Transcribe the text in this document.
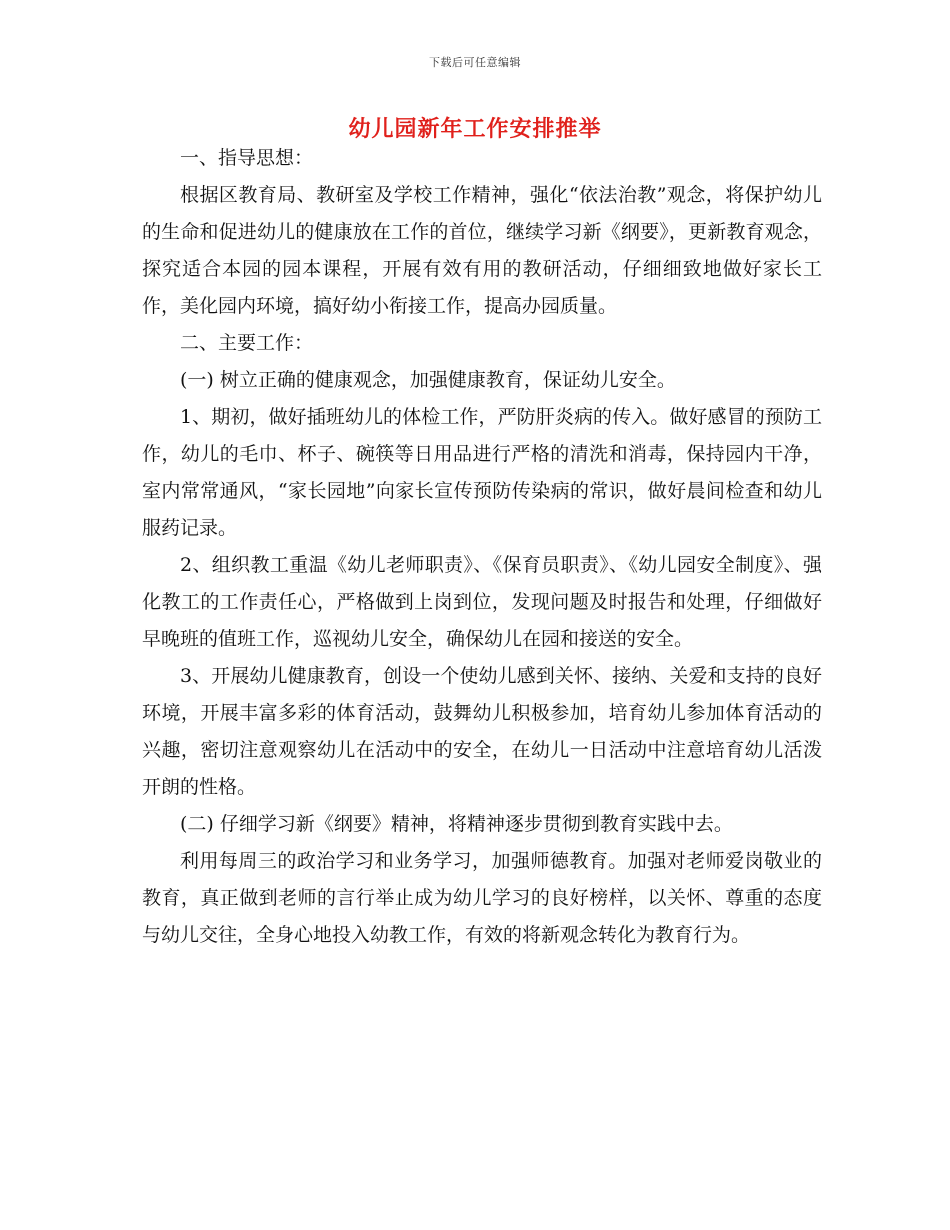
下载后可任意编辑
幼儿园新年工作安排推举

一、指导思想：

根据区教育局、教研室及学校工作精神，强化“依法治教”观念，将保护幼儿的生命和促进幼儿的健康放在工作的首位，继续学习新《纲要》，更新教育观念，探究适合本园的园本课程，开展有效有用的教研活动，仔细细致地做好家长工作，美化园内环境，搞好幼小衔接工作，提高办园质量。

二、主要工作：

(一) 树立正确的健康观念，加强健康教育，保证幼儿安全。

1、期初，做好插班幼儿的体检工作，严防肝炎病的传入。做好感冒的预防工作，幼儿的毛巾、杯子、碗筷等日用品进行严格的清洗和消毒，保持园内干净，室内常常通风，“家长园地”向家长宣传预防传染病的常识，做好晨间检查和幼儿服药记录。

2、组织教工重温《幼儿老师职责》、《保育员职责》、《幼儿园安全制度》、强化教工的工作责任心，严格做到上岗到位，发现问题及时报告和处理，仔细做好早晚班的值班工作，巡视幼儿安全，确保幼儿在园和接送的安全。

3、开展幼儿健康教育，创设一个使幼儿感到关怀、接纳、关爱和支持的良好环境，开展丰富多彩的体育活动，鼓舞幼儿积极参加，培育幼儿参加体育活动的兴趣，密切注意观察幼儿在活动中的安全，在幼儿一日活动中注意培育幼儿活泼开朗的性格。

(二) 仔细学习新《纲要》精神，将精神逐步贯彻到教育实践中去。

利用每周三的政治学习和业务学习，加强师德教育。加强对老师爱岗敬业的教育，真正做到老师的言行举止成为幼儿学习的良好榜样，以关怀、尊重的态度与幼儿交往，全身心地投入幼教工作，有效的将新观念转化为教育行为。
